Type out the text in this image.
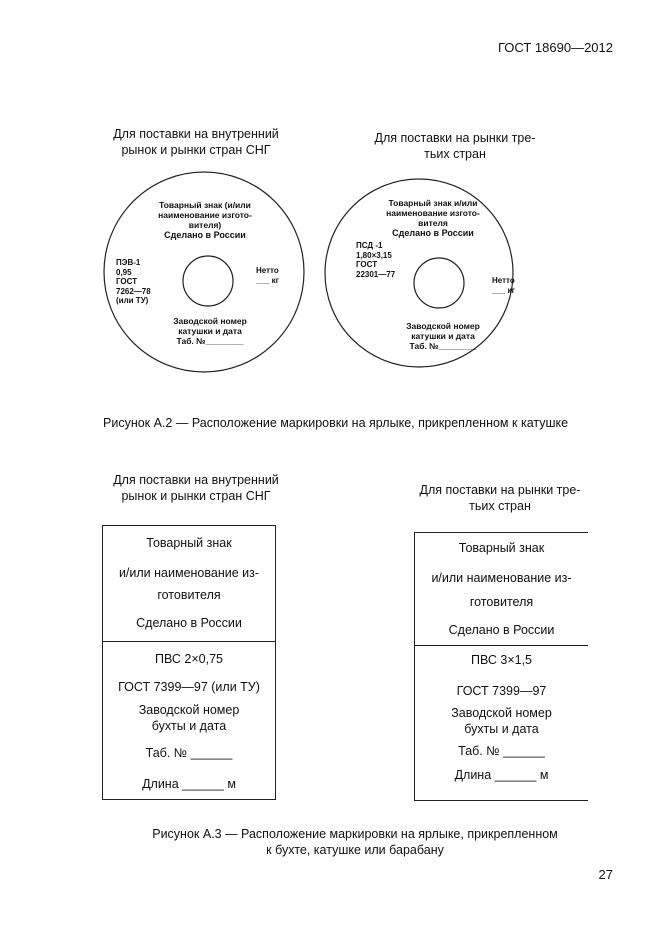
ГОСТ 18690—2012
Для поставки на внутренний
рынок и рынки стран СНГ
Для поставки на рынки тре-
тьих стран
Товарный знак (и/или
наименование изгото-
вителя)
Сделано в России
ПЭВ-1
0,95
ГОСТ
7262—78
(или ТУ)
Нетто
___ кг
Заводской номер
катушки и дата
Таб. №________
Товарный знак и/или
наименование изгото-
вителя
Сделано в России
ПСД -1
1,80×3,15
ГОСТ
22301—77
Нетто
___ кг
Заводской номер
катушки и дата
Таб. №________
Рисунок А.2 — Расположение маркировки на ярлыке, прикрепленном к катушке
Для поставки на внутренний
рынок и рынки стран СНГ	Для поставки на рынки тре-
тьих стран
Товарный знак
и/или наименование из-
готовителя
Сделано в России
ПВС 2×0,75
ГОСТ 7399—97 (или ТУ)
Заводской номер
бухты и дата
Таб. № ______
Длина ______ м
Товарный знак
и/или наименование из-
готовителя
Сделано в России
ПВС 3×1,5
ГОСТ 7399—97
Заводской номер
бухты и дата
Таб. № ______
Длина ______ м
Рисунок А.3 — Расположение маркировки на ярлыке, прикрепленном
к бухте, катушке или барабану
27
